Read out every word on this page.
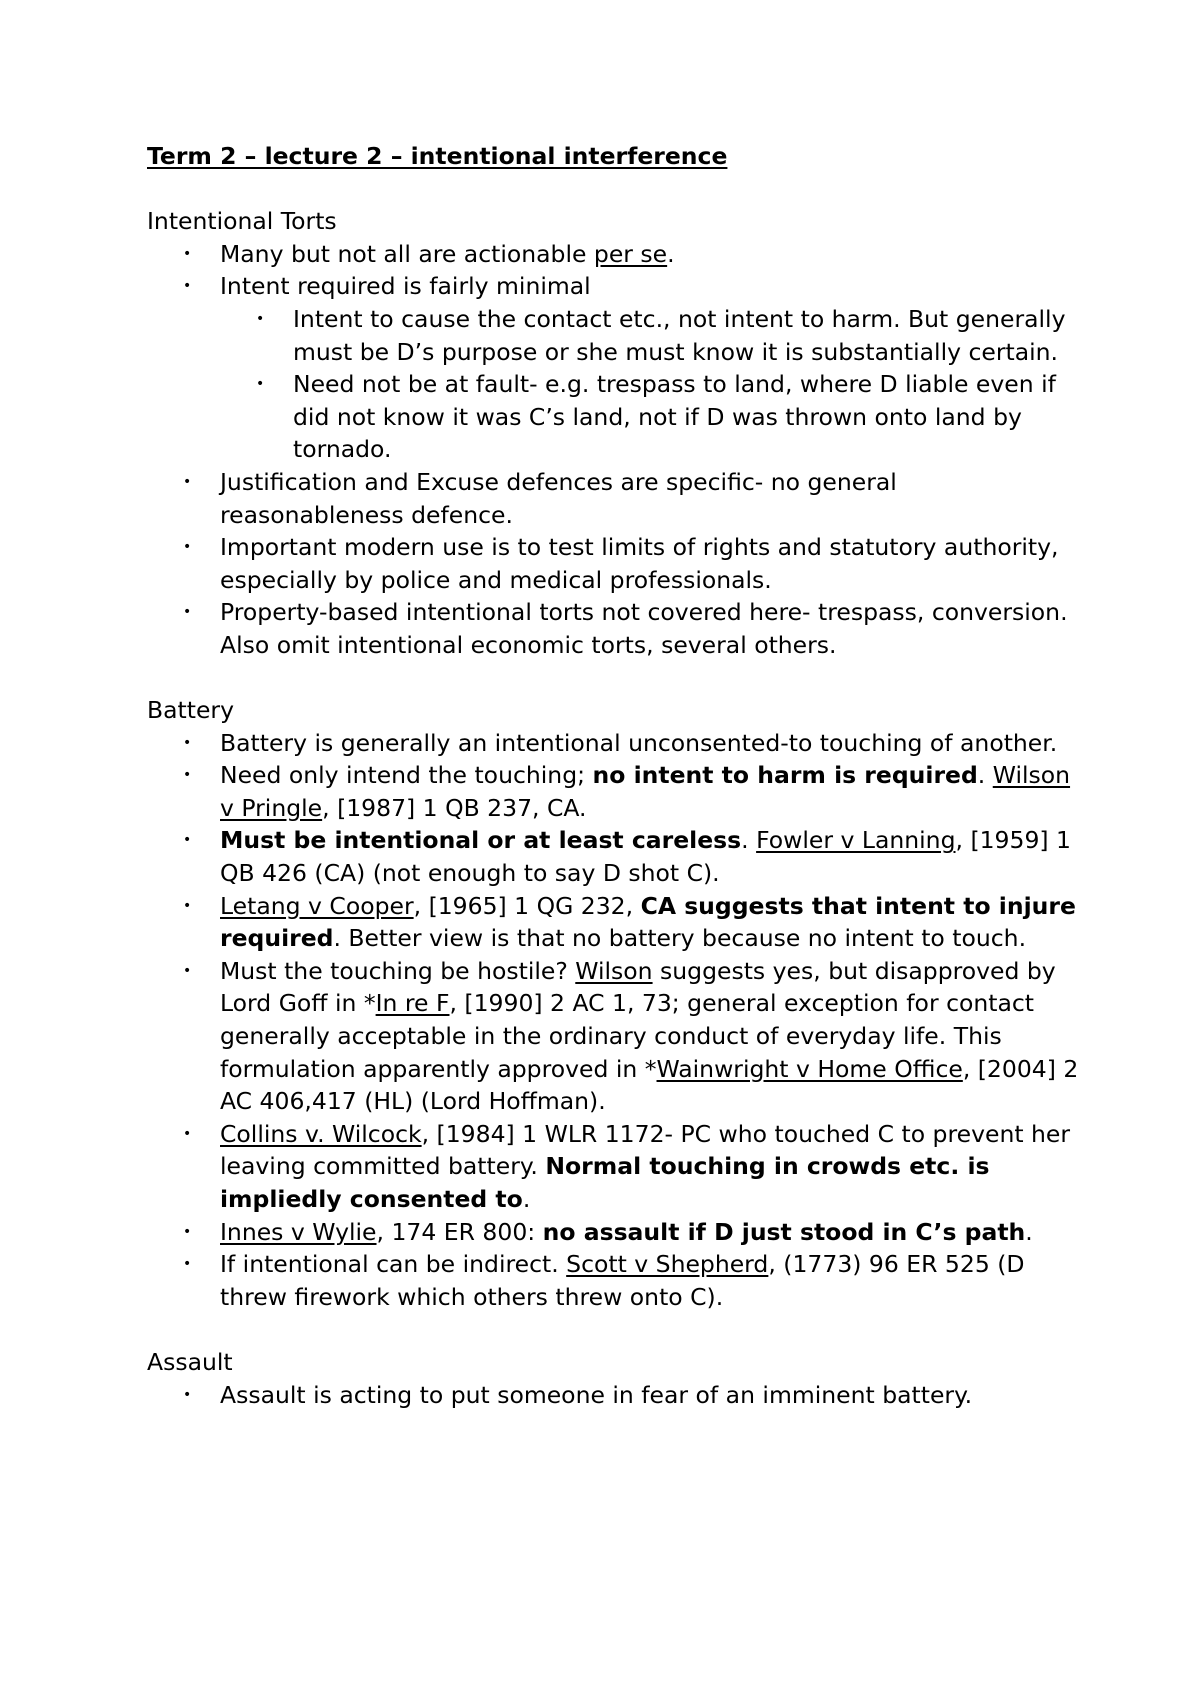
Term 2 – lecture 2 – intentional interference

Intentional Torts

• Many but not all are actionable per se.
• Intent required is fairly minimal
• Intent to cause the contact etc., not intent to harm. But generally must be D’s purpose or she must know it is substantially certain.
• Need not be at fault- e.g. trespass to land, where D liable even if did not know it was C’s land, not if D was thrown onto land by tornado.
• Justification and Excuse defences are specific- no general reasonableness defence.
• Important modern use is to test limits of rights and statutory authority, especially by police and medical professionals.
• Property-based intentional torts not covered here- trespass, conversion. Also omit intentional economic torts, several others.

Battery

• Battery is generally an intentional unconsented-to touching of another.
• Need only intend the touching; no intent to harm is required. Wilson v Pringle, [1987] 1 QB 237, CA.
• Must be intentional or at least careless. Fowler v Lanning, [1959] 1 QB 426 (CA) (not enough to say D shot C).
• Letang v Cooper, [1965] 1 QG 232, CA suggests that intent to injure required. Better view is that no battery because no intent to touch.
• Must the touching be hostile? Wilson suggests yes, but disapproved by Lord Goff in *In re F, [1990] 2 AC 1, 73; general exception for contact generally acceptable in the ordinary conduct of everyday life. This formulation apparently approved in *Wainwright v Home Office, [2004] 2 AC 406,417 (HL) (Lord Hoffman).
• Collins v. Wilcock, [1984] 1 WLR 1172- PC who touched C to prevent her leaving committed battery. Normal touching in crowds etc. is impliedly consented to.
• Innes v Wylie, 174 ER 800: no assault if D just stood in C’s path.
• If intentional can be indirect. Scott v Shepherd, (1773) 96 ER 525 (D threw firework which others threw onto C).

Assault

• Assault is acting to put someone in fear of an imminent battery.
